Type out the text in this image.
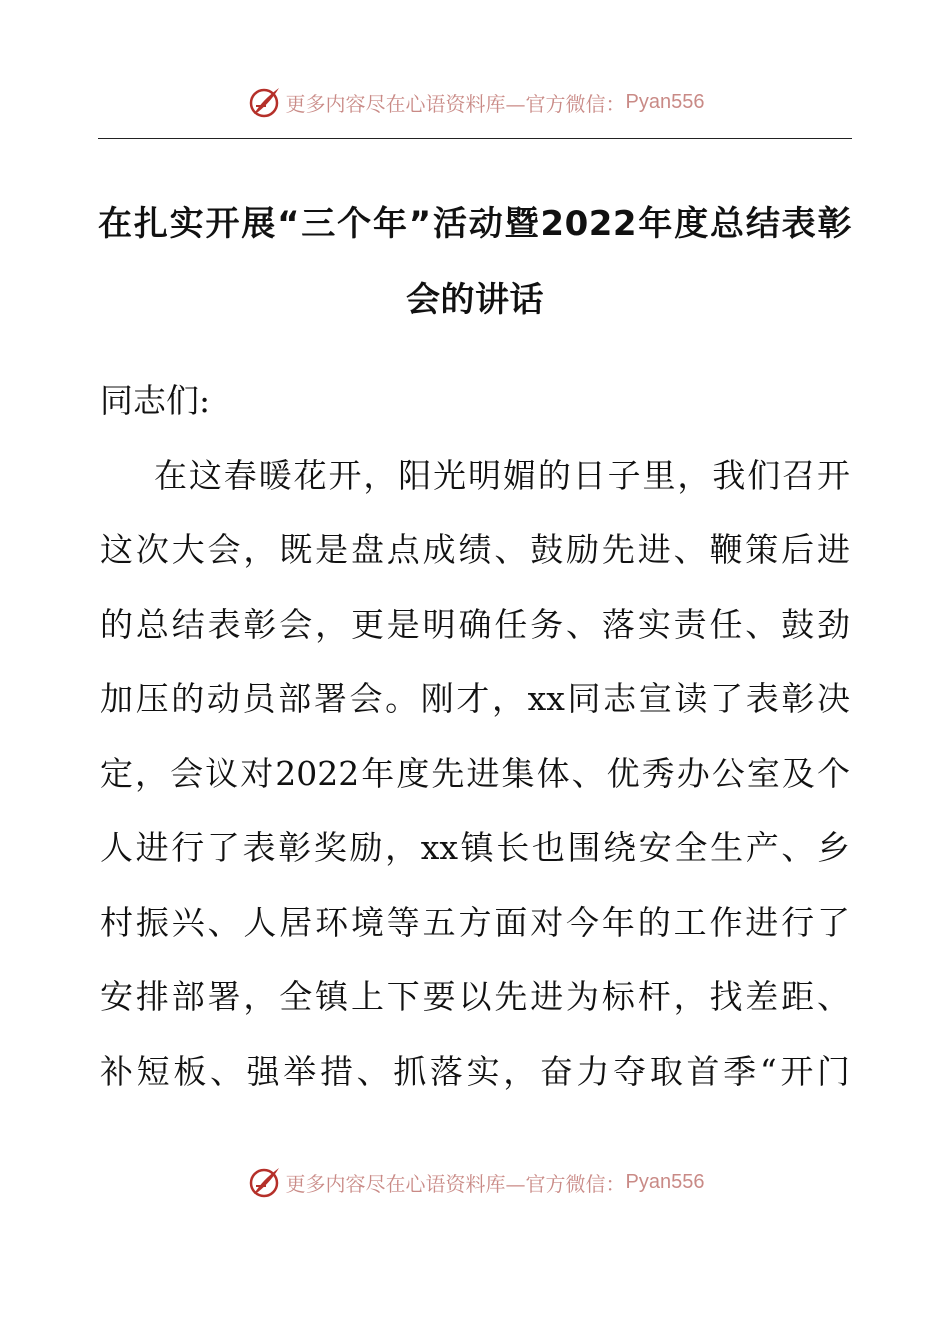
更多内容尽在心语资料库—官方微信： Pyan556
在扎实开展“三个年”活动暨2022年度总结表彰
会的讲话
同志们:
在这春暖花开，阳光明媚的日子里，我们召开
这次大会，既是盘点成绩、鼓励先进、鞭策后进
的总结表彰会，更是明确任务、落实责任、鼓劲
加压的动员部署会。刚才，xx同志宣读了表彰决
定，会议对2022年度先进集体、优秀办公室及个
人进行了表彰奖励，xx镇长也围绕安全生产、乡
村振兴、人居环境等五方面对今年的工作进行了
安排部署，全镇上下要以先进为标杆，找差距、
补短板、强举措、抓落实，奋力夺取首季“开门
更多内容尽在心语资料库—官方微信： Pyan556
